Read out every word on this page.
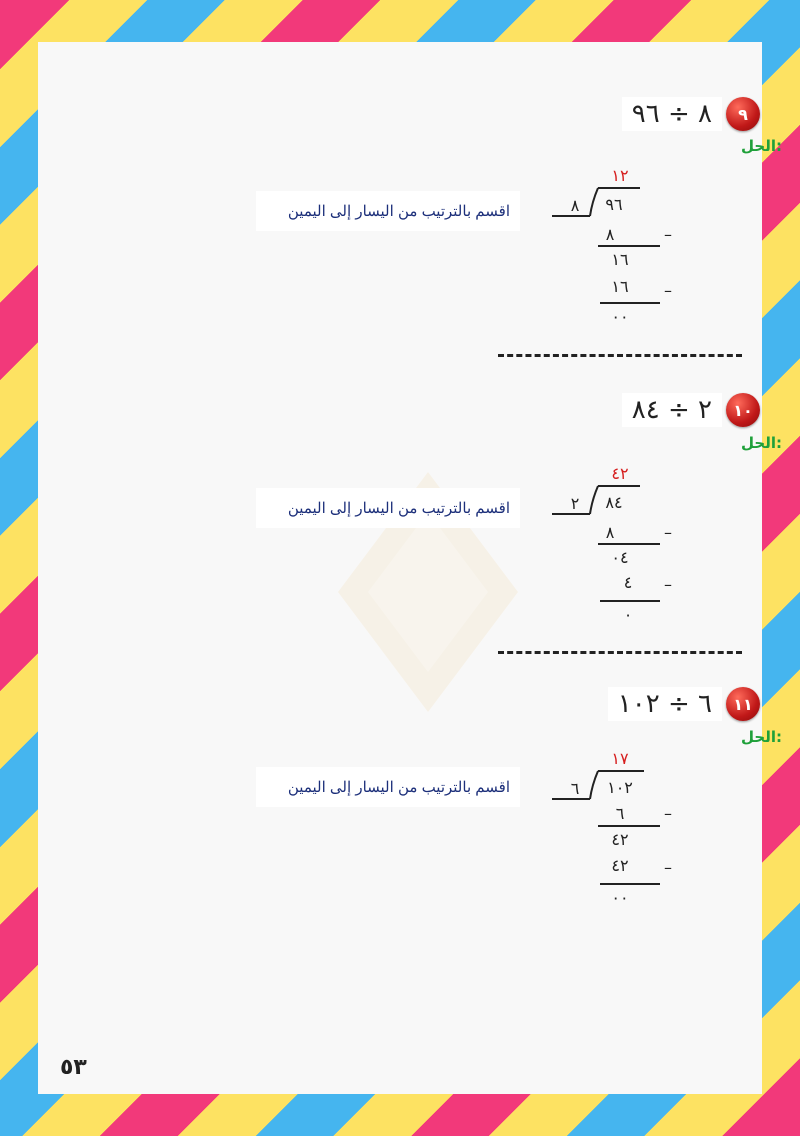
٨ ÷ ٩٦	٩
الحل:
اقسم بالترتيب من اليسار إلى اليمين
١٢
٨ ٩٦
–
٨
١٦
–
١٦
٠٠
٢ ÷ ٨٤	١٠
الحل:
اقسم بالترتيب من اليسار إلى اليمين
٤٢
٢ ٨٤
–
٨
٠٤
–
٤
٠
٦ ÷ ١٠٢	١١
الحل:
اقسم بالترتيب من اليسار إلى اليمين
١٧
٦ ١٠٢
–
٦
٤٢
–
٤٢
٠٠
٥٣
